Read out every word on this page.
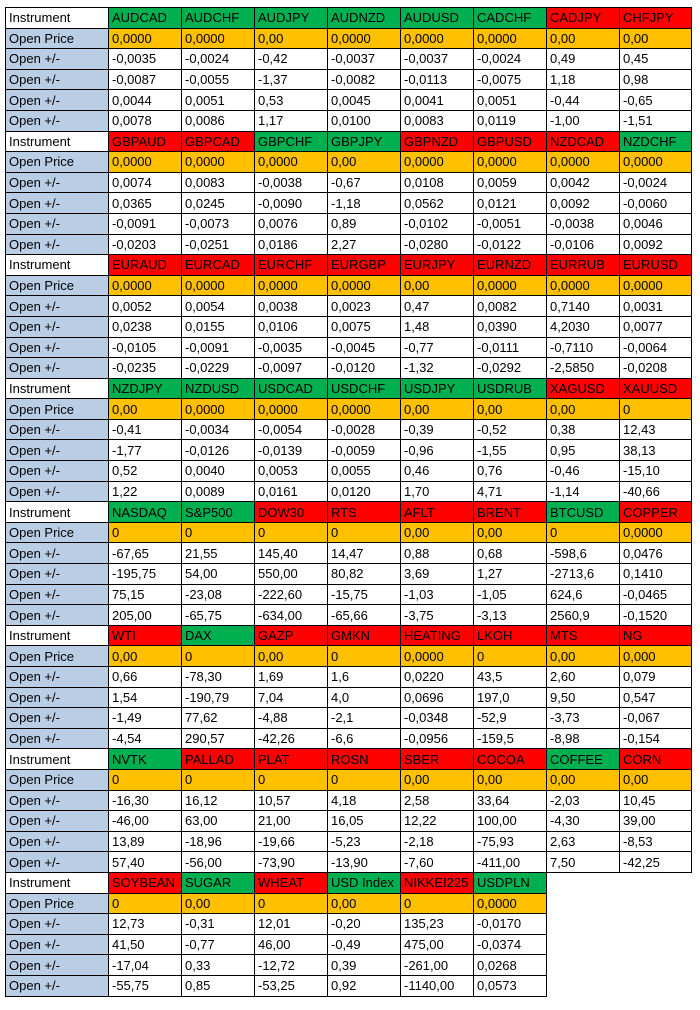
Instrument	AUDCAD	AUDCHF	AUDJPY	AUDNZD	AUDUSD	CADCHF	CADJPY	CHFJPY
Open Price	0,0000	0,0000	0,00	0,0000	0,0000	0,0000	0,00	0,00
Open +/-	-0,0035	-0,0024	-0,42	-0,0037	-0,0037	-0,0024	0,49	0,45
Open +/-	-0,0087	-0,0055	-1,37	-0,0082	-0,0113	-0,0075	1,18	0,98
Open +/-	0,0044	0,0051	0,53	0,0045	0,0041	0,0051	-0,44	-0,65
Open +/-	0,0078	0,0086	1,17	0,0100	0,0083	0,0119	-1,00	-1,51
Instrument	GBPAUD	GBPCAD	GBPCHF	GBPJPY	GBPNZD	GBPUSD	NZDCAD	NZDCHF
Open Price	0,0000	0,0000	0,0000	0,00	0,0000	0,0000	0,0000	0,0000
Open +/-	0,0074	0,0083	-0,0038	-0,67	0,0108	0,0059	0,0042	-0,0024
Open +/-	0,0365	0,0245	-0,0090	-1,18	0,0562	0,0121	0,0092	-0,0060
Open +/-	-0,0091	-0,0073	0,0076	0,89	-0,0102	-0,0051	-0,0038	0,0046
Open +/-	-0,0203	-0,0251	0,0186	2,27	-0,0280	-0,0122	-0,0106	0,0092
Instrument	EURAUD	EURCAD	EURCHF	EURGBP	EURJPY	EURNZD	EURRUB	EURUSD
Open Price	0,0000	0,0000	0,0000	0,0000	0,00	0,0000	0,0000	0,0000
Open +/-	0,0052	0,0054	0,0038	0,0023	0,47	0,0082	0,7140	0,0031
Open +/-	0,0238	0,0155	0,0106	0,0075	1,48	0,0390	4,2030	0,0077
Open +/-	-0,0105	-0,0091	-0,0035	-0,0045	-0,77	-0,0111	-0,7110	-0,0064
Open +/-	-0,0235	-0,0229	-0,0097	-0,0120	-1,32	-0,0292	-2,5850	-0,0208
Instrument	NZDJPY	NZDUSD	USDCAD	USDCHF	USDJPY	USDRUB	XAGUSD	XAUUSD
Open Price	0,00	0,0000	0,0000	0,0000	0,00	0,00	0,00	0
Open +/-	-0,41	-0,0034	-0,0054	-0,0028	-0,39	-0,52	0,38	12,43
Open +/-	-1,77	-0,0126	-0,0139	-0,0059	-0,96	-1,55	0,95	38,13
Open +/-	0,52	0,0040	0,0053	0,0055	0,46	0,76	-0,46	-15,10
Open +/-	1,22	0,0089	0,0161	0,0120	1,70	4,71	-1,14	-40,66
Instrument	NASDAQ	S&P500	DOW30	RTS	AFLT	BRENT	BTCUSD	COPPER
Open Price	0	0	0	0	0,00	0,00	0	0,0000
Open +/-	-67,65	21,55	145,40	14,47	0,88	0,68	-598,6	0,0476
Open +/-	-195,75	54,00	550,00	80,82	3,69	1,27	-2713,6	0,1410
Open +/-	75,15	-23,08	-222,60	-15,75	-1,03	-1,05	624,6	-0,0465
Open +/-	205,00	-65,75	-634,00	-65,66	-3,75	-3,13	2560,9	-0,1520
Instrument	WTI	DAX	GAZP	GMKN	HEATING	LKOH	MTS	NG
Open Price	0,00	0	0,00	0	0,0000	0	0,00	0,000
Open +/-	0,66	-78,30	1,69	1,6	0,0220	43,5	2,60	0,079
Open +/-	1,54	-190,79	7,04	4,0	0,0696	197,0	9,50	0,547
Open +/-	-1,49	77,62	-4,88	-2,1	-0,0348	-52,9	-3,73	-0,067
Open +/-	-4,54	290,57	-42,26	-6,6	-0,0956	-159,5	-8,98	-0,154
Instrument	NVTK	PALLAD	PLAT	ROSN	SBER	COCOA	COFFEE	CORN
Open Price	0	0	0	0	0,00	0,00	0,00	0,00
Open +/-	-16,30	16,12	10,57	4,18	2,58	33,64	-2,03	10,45
Open +/-	-46,00	63,00	21,00	16,05	12,22	100,00	-4,30	39,00
Open +/-	13,89	-18,96	-19,66	-5,23	-2,18	-75,93	2,63	-8,53
Open +/-	57,40	-56,00	-73,90	-13,90	-7,60	-411,00	7,50	-42,25
Instrument	SOYBEAN	SUGAR	WHEAT	USD Index	NIKKEI225	USDPLN		
Open Price	0	0,00	0	0,00	0	0,0000		
Open +/-	12,73	-0,31	12,01	-0,20	135,23	-0,0170		
Open +/-	41,50	-0,77	46,00	-0,49	475,00	-0,0374		
Open +/-	-17,04	0,33	-12,72	0,39	-261,00	0,0268		
Open +/-	-55,75	0,85	-53,25	0,92	-1140,00	0,0573		
